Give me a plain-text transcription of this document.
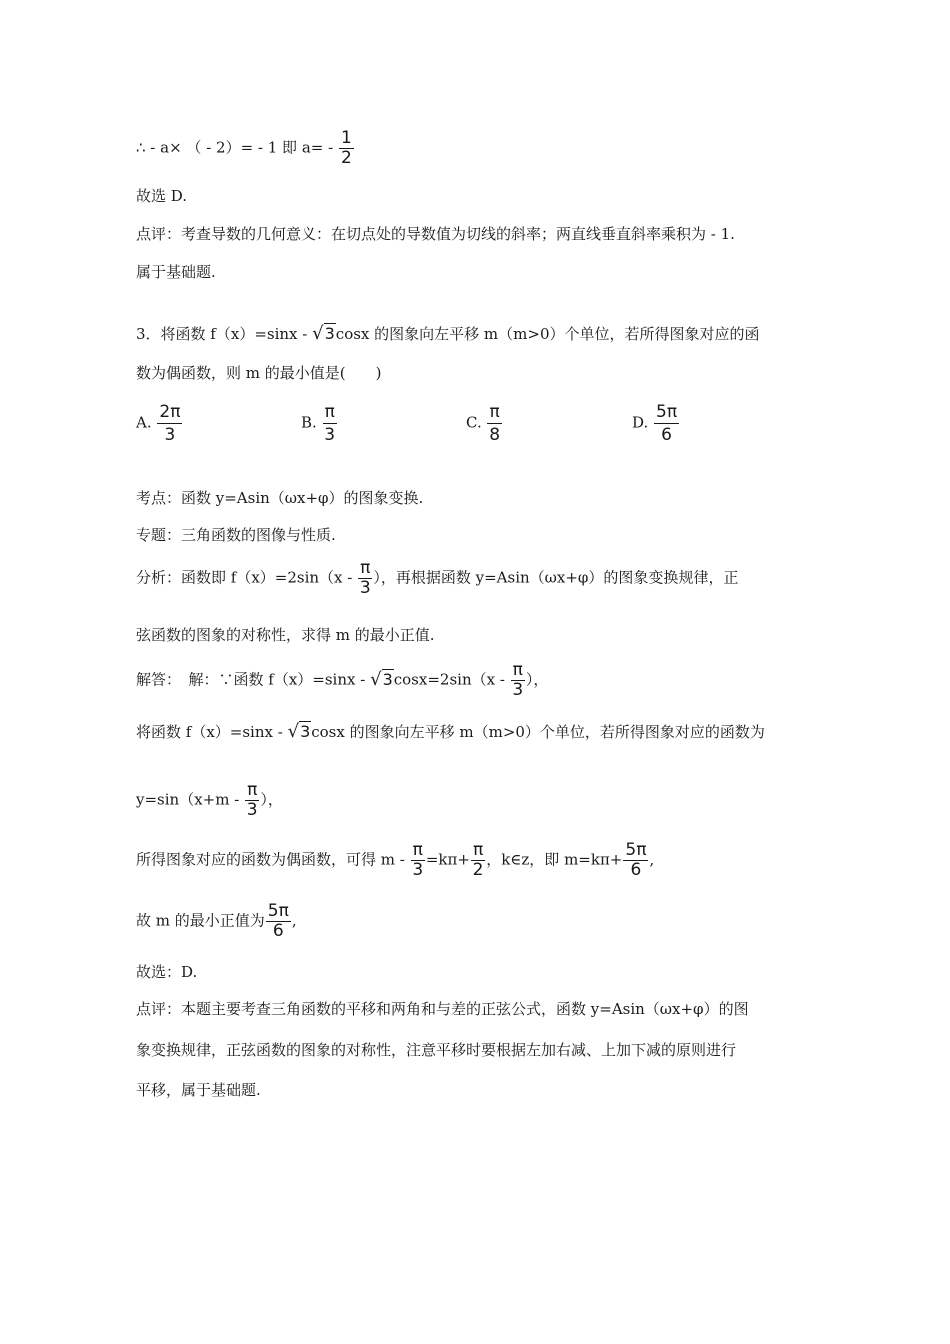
∴ - a× （ - 2）= - 1 即 $a= - \frac{1}{2}$
故选 D.
点评：考查导数的几何意义：在切点处的导数值为切线的斜率；两直线垂直斜率乘积为 - 1.
属于基础题.
3．将函数 f（x）=sinx - √3cosx 的图象向左平移 m（m>0）个单位，若所得图象对应的函
数为偶函数，则 m 的最小值是(　　)
A. $\frac{2\pi}{3}$	B. $\frac{\pi}{3}$	C. $\frac{\pi}{8}$	D. $\frac{5\pi}{6}$
考点：函数 y=Asin（ωx+φ）的图象变换.
专题：三角函数的图像与性质.
分析：函数即 $f(x)=2\sin(x - \frac{\pi}{3}$ ），再根据函数 y=Asin（ωx+φ）的图象变换规律，正
弦函数的图象的对称性，求得 m 的最小正值.
解答：　解：∵函数 $f(x)=\sin x - √3\cos x=2\sin(x - \frac{\pi}{3}$ ），
将函数 f（x）=sinx - √3cosx 的图象向左平移 m（m>0）个单位，若所得图象对应的函数为
$y=\sin(x+m - \frac{\pi}{3}$ ），
所得图象对应的函数为偶函数，可得 $m - \frac{\pi}{3} =k\pi+ \frac{\pi}{2}$ ，k∈z，即 $m=k\pi+ \frac{5\pi}{6}$ ,
故 m 的最小正值为 $\frac{5\pi}{6}$ ,
故选：D.
点评：本题主要考查三角函数的平移和两角和与差的正弦公式，函数 y=Asin（ωx+φ）的图
象变换规律，正弦函数的图象的对称性，注意平移时要根据左加右减、上加下减的原则进行
平移，属于基础题.
